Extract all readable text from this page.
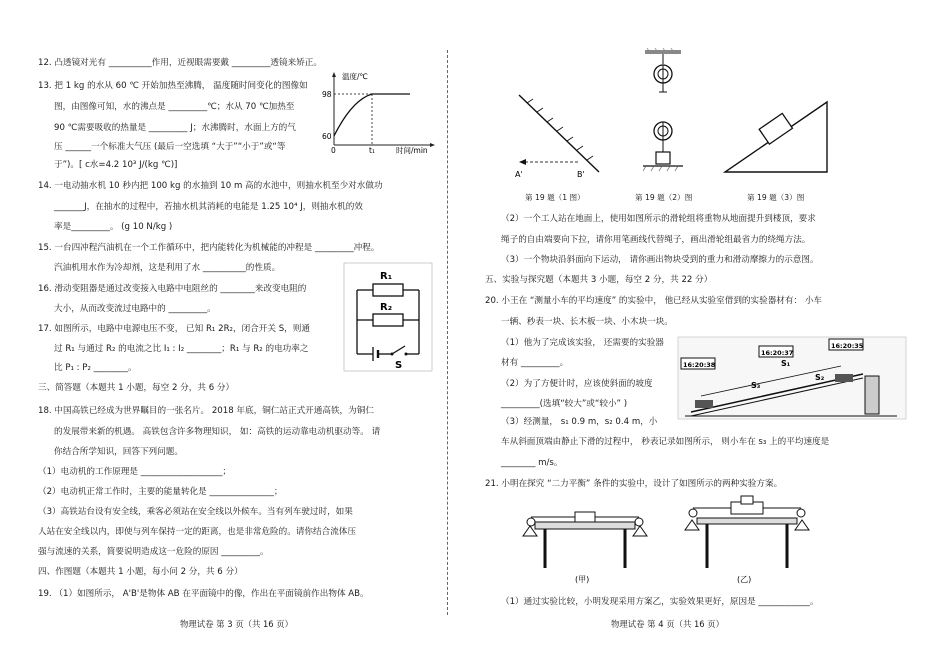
12. 凸透镜对光有 __________作用，近视眼需要戴 _________透镜来矫正。
13. 把 1 kg 的水从 60 ℃ 开始加热至沸腾， 温度随时间变化的图像如
图，由图像可知，水的沸点是 _________℃；水从 70 ℃加热至
90 ℃需要吸收的热量是 _________ J；水沸腾时，水面上方的气
压 ______一个标准大气压 (最后一空选填 “大于”“小于”或“等
于”)。[ c水=4.2 10³ J/(kg ℃)]
温度/℃
98
60
0	t₁	时间/min
14. 一电动抽水机 10 秒内把 100 kg 的水抽到 10 m 高的水池中，则抽水机至少对水做功
_______J，在抽水的过程中，若抽水机其消耗的电能是 1.25 10⁴ J，则抽水机的效
率是_________。 (g 10 N/kg )
15. 一台四冲程汽油机在一个工作循环中，把内能转化为机械能的冲程是 _________冲程。
汽油机用水作为冷却剂，这是利用了水 __________的性质。
16. 滑动变阻器是通过改变接入电路中电阻丝的 ________来改变电阻的
大小，从而改变流过电路中的 _________。
17. 如图所示，电路中电源电压不变， 已知 R₁ 2R₂，闭合开关 S，则通
过 R₁ 与通过 R₂ 的电流之比 I₁ : I₂ ________；R₁ 与 R₂ 的电功率之
比 P₁ : P₂ ________。
R₁
R₂
S
三、简答题（本题共 1 小题，每空 2 分，共 6 分）
18. 中国高铁已经成为世界瞩目的一张名片。 2018 年底，铜仁站正式开通高铁，为铜仁
的发展带来新的机遇。 高铁包含许多物理知识， 如：高铁的运动靠电动机驱动等。 请
你结合所学知识，回答下列问题。
（1）电动机的工作原理是 ___________________；
（2）电动机正常工作时，主要的能量转化是 _______________；
（3）高铁站台设有安全线，乘客必须站在安全线以外候车。当有列车驶过时，如果
人站在安全线以内，即使与列车保持一定的距离，也是非常危险的。请你结合流体压
强与流速的关系，简要说明造成这一危险的原因 _________。
四、作图题（本题共 1 小题，每小问 2 分，共 6 分）
19. （1）如图所示， A'B'是物体 AB 在平面镜中的像，作出在平面镜前作出物体 AB。
物理试卷 第 3 页（共 16 页）
A'	B'
第 19 题（1 图）	第 19 题（2）图	第 19 题（3）图
（2）一个工人站在地面上，使用如图所示的滑轮组将重物从地面提升到楼顶，要求
绳子的自由端要向下拉，请你用笔画线代替绳子，画出滑轮组最省力的绕绳方法。
（3）一个物块沿斜面向下运动， 请你画出物块受到的重力和滑动摩擦力的示意图。
五、实验与探究题（本题共 3 小题，每空 2 分，共 22 分）
20. 小王在 “测量小车的平均速度” 的实验中， 他已经从实验室借到的实验器材有： 小车
一辆、秒表一块、长木板一块、小木块一块。
（1）他为了完成该实验， 还需要的实验器
材有 _________。
（2）为了方便计时，应该使斜面的坡度
_________(选填“较大”或“较小” )
（3）经测量， s₁ 0.9 m，s₂ 0.4 m，小
车从斜面顶端由静止下滑的过程中， 秒表记录如图所示， 则小车在 s₃ 上的平均速度是
________ m/s。
16:20:38
16:20:37
16:20:35
S₃
S₁
S₂
21. 小明在探究 “二力平衡” 条件的实验中，设计了如图所示的两种实验方案。
(甲)	(乙)
（1）通过实验比较，小明发现采用方案乙，实验效果更好，原因是 ____________。
物理试卷 第 4 页（共 16 页）
